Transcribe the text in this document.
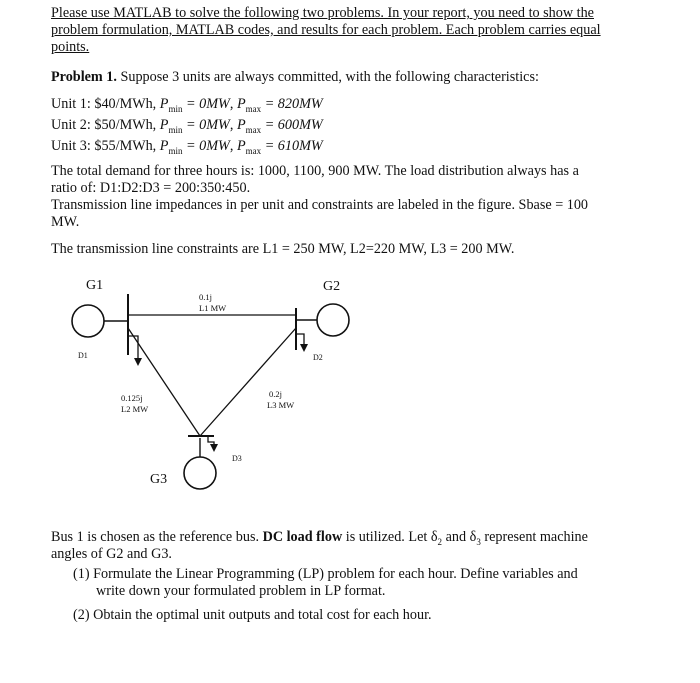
Please use MATLAB to solve the following two problems. In your report, you need to show the
problem formulation, MATLAB codes, and results for each problem. Each problem carries equal
points.
Problem 1. Suppose 3 units are always committed, with the following characteristics:
Unit 1: $40/MWh, $P_{min} = 0MW$, $P_{max} = 820MW$
Unit 2: $50/MWh, $P_{min} = 0MW$, $P_{max} = 600MW$
Unit 3: $55/MWh, $P_{min} = 0MW$, $P_{max} = 610MW$
The total demand for three hours is: 1000, 1100, 900 MW. The load distribution always has a
ratio of: D1:D2:D3 = 200:350:450.
Transmission line impedances in per unit and constraints are labeled in the figure. Sbase = 100
MW.
The transmission line constraints are L1 = 250 MW, L2=220 MW, L3 = 200 MW.
G1	G2
G3
D1	D2
D3
0.1j
L1 MW
0.125j
L2 MW
0.2j
L3 MW
Bus 1 is chosen as the reference bus. DC load flow is utilized. Let $\delta_2$ and $\delta_3$ represent machine
angles of G2 and G3.
(1) Formulate the Linear Programming (LP) problem for each hour. Define variables and
write down your formulated problem in LP format.
(2) Obtain the optimal unit outputs and total cost for each hour.
